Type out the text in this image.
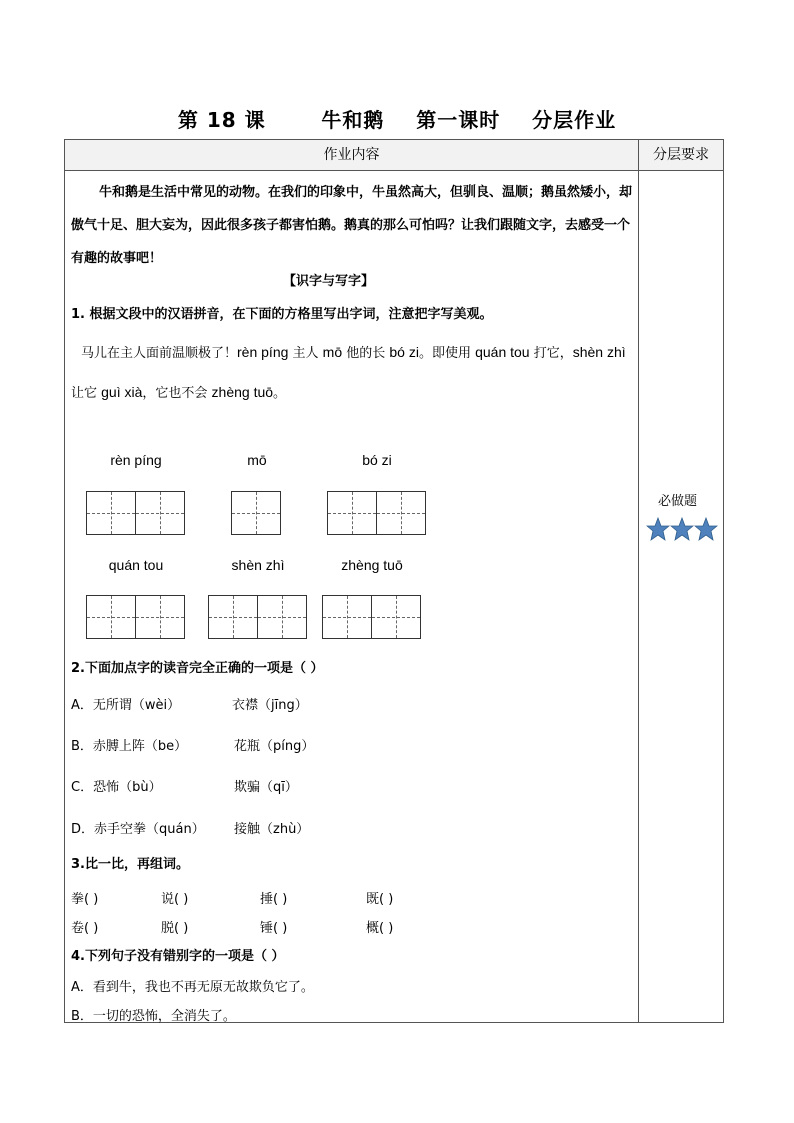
第 18 课       牛和鹅    第一课时    分层作业
作业内容	分层要求
牛和鹅是生活中常见的动物。在我们的印象中，牛虽然高大，但驯良、温顺；鹅虽然矮小，却傲气十足、胆大妄为，因此很多孩子都害怕鹅。鹅真的那么可怕吗？让我们跟随文字，去感受一个有趣的故事吧！
【识字与写字】
1. 根据文段中的汉语拼音，在下面的方格里写出字词，注意把字写美观。
马儿在主人面前温顺极了！rèn píng 主人 mō 他的长 bó zi。即使用 quán tou 打它，shèn zhì 让它 guì xià，它也不会 zhèng tuō。
rèn píng	mō	bó zi
quán tou	shèn zhì	zhèng tuō
2.下面加点字的读音完全正确的一项是（ ）
A．无所谓（wèi）	衣襟（jīng）
B．赤膊上阵（be）	花瓶（píng）
C．恐怖（bù）	欺骗（qī）
D．赤手空拳（quán） 接触（zhù）
3.比一比，再组词。
拳( )	说( )	捶( )	既( )
卷( )	脱( )	锤( )	概( )
4.下列句子没有错别字的一项是（ ）
A．看到牛，我也不再无原无故欺负它了。
B．一切的恐怖，全消失了。
必做题
